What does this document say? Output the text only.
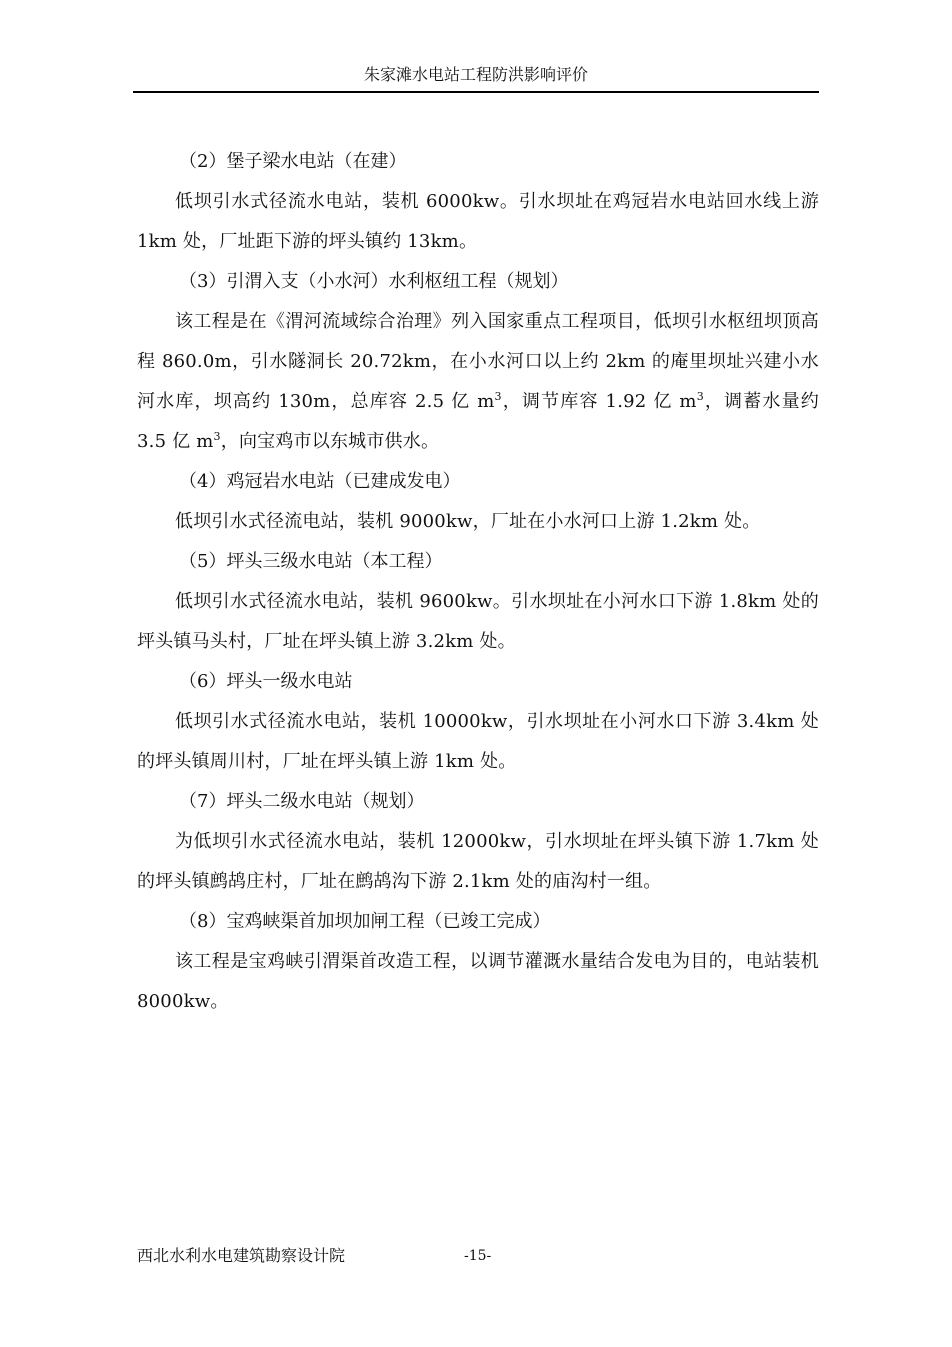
朱家滩水电站工程防洪影响评价

（2）堡子梁水电站（在建）

低坝引水式径流水电站，装机 6000kw。引水坝址在鸡冠岩水电站回水线上游 1km 处，厂址距下游的坪头镇约 13km。

（3）引渭入支（小水河）水利枢纽工程（规划）

该工程是在《渭河流域综合治理》列入国家重点工程项目，低坝引水枢纽坝顶高程 860.0m，引水隧洞长 20.72km，在小水河口以上约 2km 的庵里坝址兴建小水河水库，坝高约 130m，总库容 2.5 亿 $m^3$，调节库容 1.92 亿 $m^3$，调蓄水量约 3.5 亿 $m^3$，向宝鸡市以东城市供水。

（4）鸡冠岩水电站（已建成发电）

低坝引水式径流电站，装机 9000kw，厂址在小水河口上游 1.2km 处。

（5）坪头三级水电站（本工程）

低坝引水式径流水电站，装机 9600kw。引水坝址在小河水口下游 1.8km 处的坪头镇马头村，厂址在坪头镇上游 3.2km 处。

（6）坪头一级水电站

低坝引水式径流水电站，装机 10000kw，引水坝址在小河水口下游 3.4km 处的坪头镇周川村，厂址在坪头镇上游 1km 处。

（7）坪头二级水电站（规划）

为低坝引水式径流水电站，装机 12000kw，引水坝址在坪头镇下游 1.7km 处的坪头镇鹧鸪庄村，厂址在鹧鸪沟下游 2.1km 处的庙沟村一组。

（8）宝鸡峡渠首加坝加闸工程（已竣工完成）

该工程是宝鸡峡引渭渠首改造工程，以调节灌溉水量结合发电为目的，电站装机 8000kw。

西北水利水电建筑勘察设计院	-15-
